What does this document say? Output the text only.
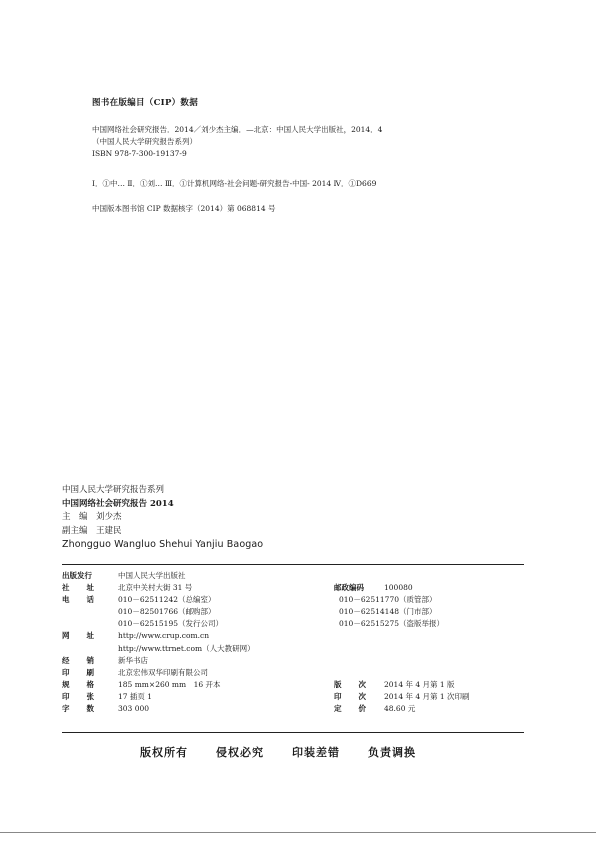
图书在版编目（CIP）数据
中国网络社会研究报告．2014／刘少杰主编．—北京：中国人民大学出版社，2014．4
（中国人民大学研究报告系列）
ISBN 978-7-300-19137-9
Ⅰ．①中… Ⅱ．①刘… Ⅲ．①计算机网络-社会问题-研究报告-中国- 2014 Ⅳ．①D669
中国版本图书馆 CIP 数据核字（2014）第 068814 号
中国人民大学研究报告系列
中国网络社会研究报告 2014
主　编　 刘少杰
副主编　 王建民
Zhongguo Wangluo Shehui Yanjiu Baogao
出版发行	中国人民大学出版社
社 址	北京中关村大街 31 号	邮政编码	100080
电 话	010－62511242（总编室）	010－62511770（质管部）
010－82501766（邮购部）	010－62514148（门市部）
010－62515195（发行公司）	010－62515275（盗版举报）
网 址	http://www.crup.com.cn
http://www.ttrnet.com（人大教研网）
经 销	新华书店
印 刷	北京宏伟双华印刷有限公司
规 格	185 mm×260 mm　16 开本	版 次 2014 年 4 月第 1 版
印 张	17 插页 1	印 次 2014 年 4 月第 1 次印刷
字 数	303 000	定 价 48.60 元
版权所有	侵权必究	印装差错	负责调换
